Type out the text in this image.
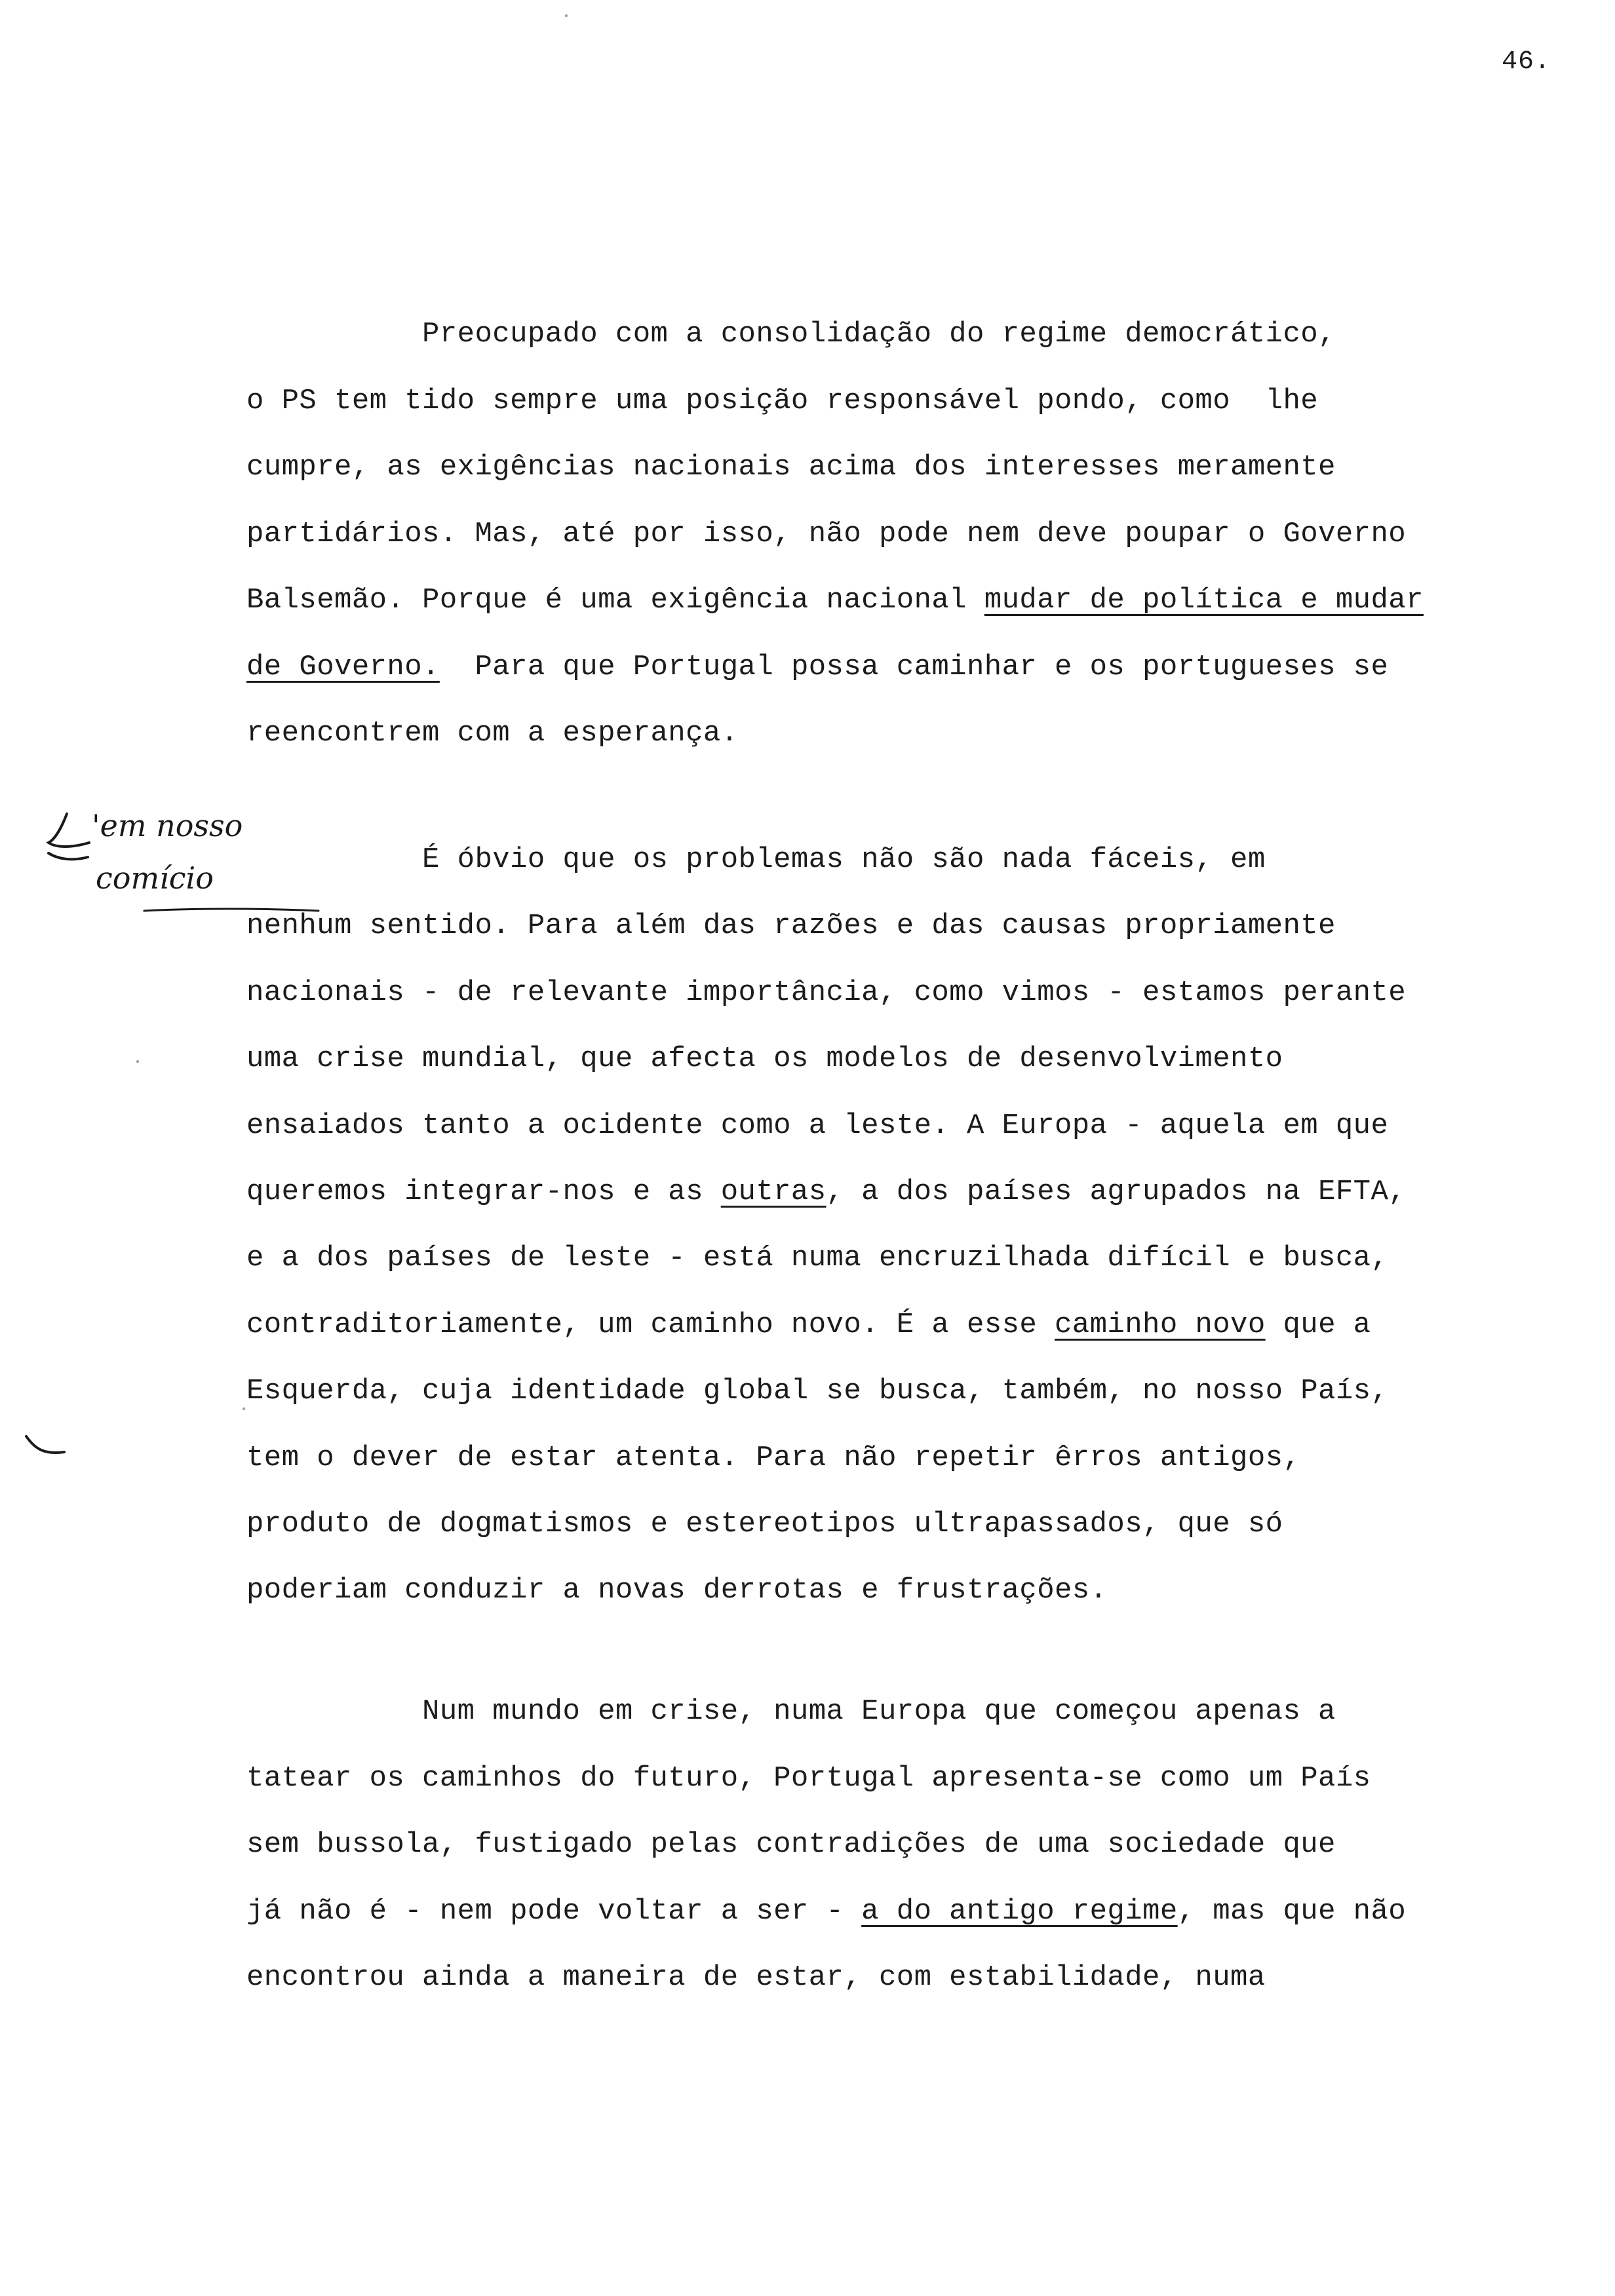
46.
Preocupado com a consolidação do regime democrático,
o PS tem tido sempre uma posição responsável pondo, como  lhe
cumpre, as exigências nacionais acima dos interesses meramente
partidários. Mas, até por isso, não pode nem deve poupar o Governo
Balsemão. Porque é uma exigência nacional mudar de política e mudar
de Governo.  Para que Portugal possa caminhar e os portugueses se
reencontrem com a esperança.
É óbvio que os problemas não são nada fáceis, em
nenhum sentido. Para além das razões e das causas propriamente
nacionais - de relevante importância, como vimos - estamos perante
uma crise mundial, que afecta os modelos de desenvolvimento
ensaiados tanto a ocidente como a leste. A Europa - aquela em que
queremos integrar-nos e as outras, a dos países agrupados na EFTA,
e a dos países de leste - está numa encruzilhada difícil e busca,
contraditoriamente, um caminho novo. É a esse caminho novo que a
Esquerda, cuja identidade global se busca, também, no nosso País,
tem o dever de estar atenta. Para não repetir êrros antigos,
produto de dogmatismos e estereotipos ultrapassados, que só
poderiam conduzir a novas derrotas e frustrações.
Num mundo em crise, numa Europa que começou apenas a
tatear os caminhos do futuro, Portugal apresenta-se como um País
sem bussola, fustigado pelas contradições de uma sociedade que
já não é - nem pode voltar a ser - a do antigo regime, mas que não
encontrou ainda a maneira de estar, com estabilidade, numa
'em nosso
comício
